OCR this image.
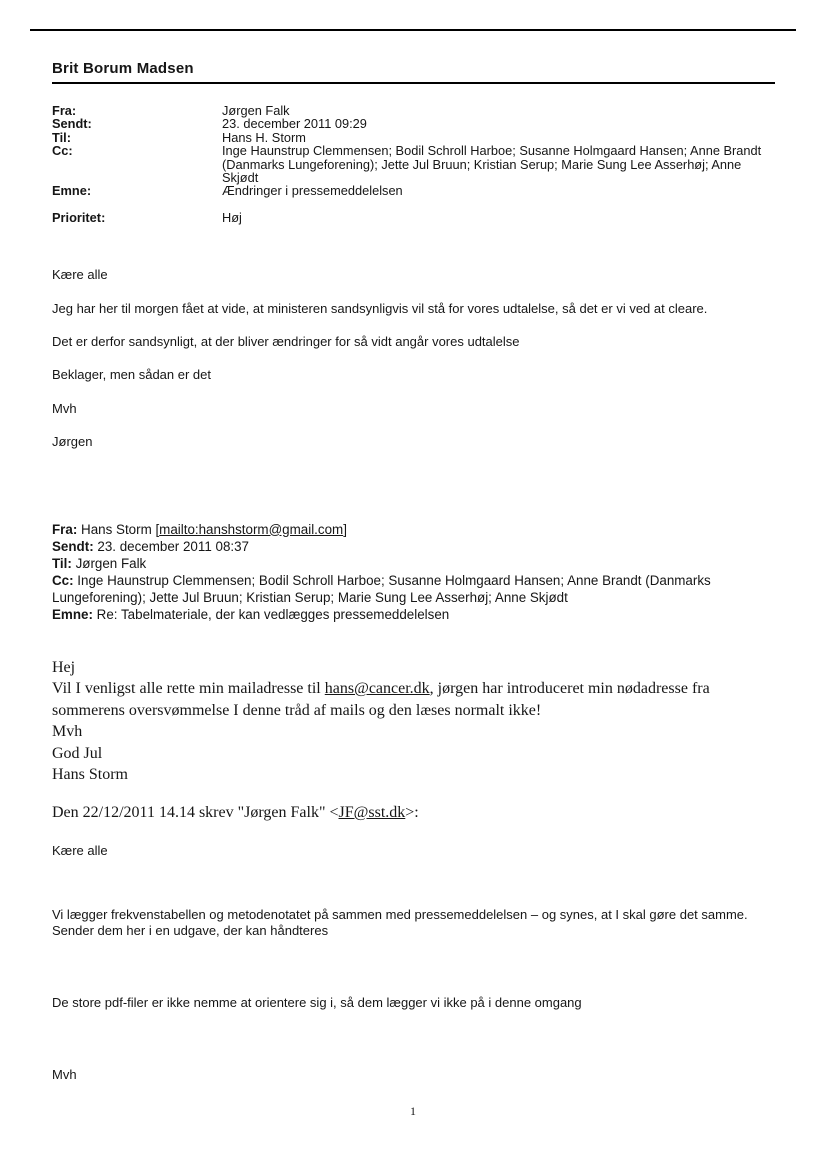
Brit Borum Madsen
Fra:	Jørgen Falk
Sendt:	23. december 2011 09:29
Til:	Hans H. Storm
Cc:	Inge Haunstrup Clemmensen; Bodil Schroll Harboe; Susanne Holmgaard Hansen; Anne Brandt (Danmarks Lungeforening); Jette Jul Bruun; Kristian Serup; Marie Sung Lee Asserhøj; Anne Skjødt
Emne:	Ændringer i pressemeddelelsen
Prioritet:	Høj

Kære alle

Jeg har her til morgen fået at vide, at ministeren sandsynligvis vil stå for vores udtalelse, så det er vi ved at cleare.

Det er derfor sandsynligt, at der bliver ændringer for så vidt angår vores udtalelse

Beklager, men sådan er det

Mvh

Jørgen

Fra: Hans Storm [mailto:hanshstorm@gmail.com]
Sendt: 23. december 2011 08:37
Til: Jørgen Falk
Cc: Inge Haunstrup Clemmensen; Bodil Schroll Harboe; Susanne Holmgaard Hansen; Anne Brandt (Danmarks Lungeforening); Jette Jul Bruun; Kristian Serup; Marie Sung Lee Asserhøj; Anne Skjødt
Emne: Re: Tabelmateriale, der kan vedlægges pressemeddelelsen
Hej
Vil I venligst alle rette min mailadresse til hans@cancer.dk, jørgen har introduceret min nødadresse fra sommerens oversvømmelse I denne tråd af mails og den læses normalt ikke!
Mvh
God Jul
Hans Storm
Den 22/12/2011 14.14 skrev "Jørgen Falk" <JF@sst.dk>:

Kære alle

Vi lægger frekvenstabellen og metodenotatet på sammen med pressemeddelelsen – og synes, at I skal gøre det samme. Sender dem her i en udgave, der kan håndteres

De store pdf-filer er ikke nemme at orientere sig i, så dem lægger vi ikke på i denne omgang

Mvh

1
